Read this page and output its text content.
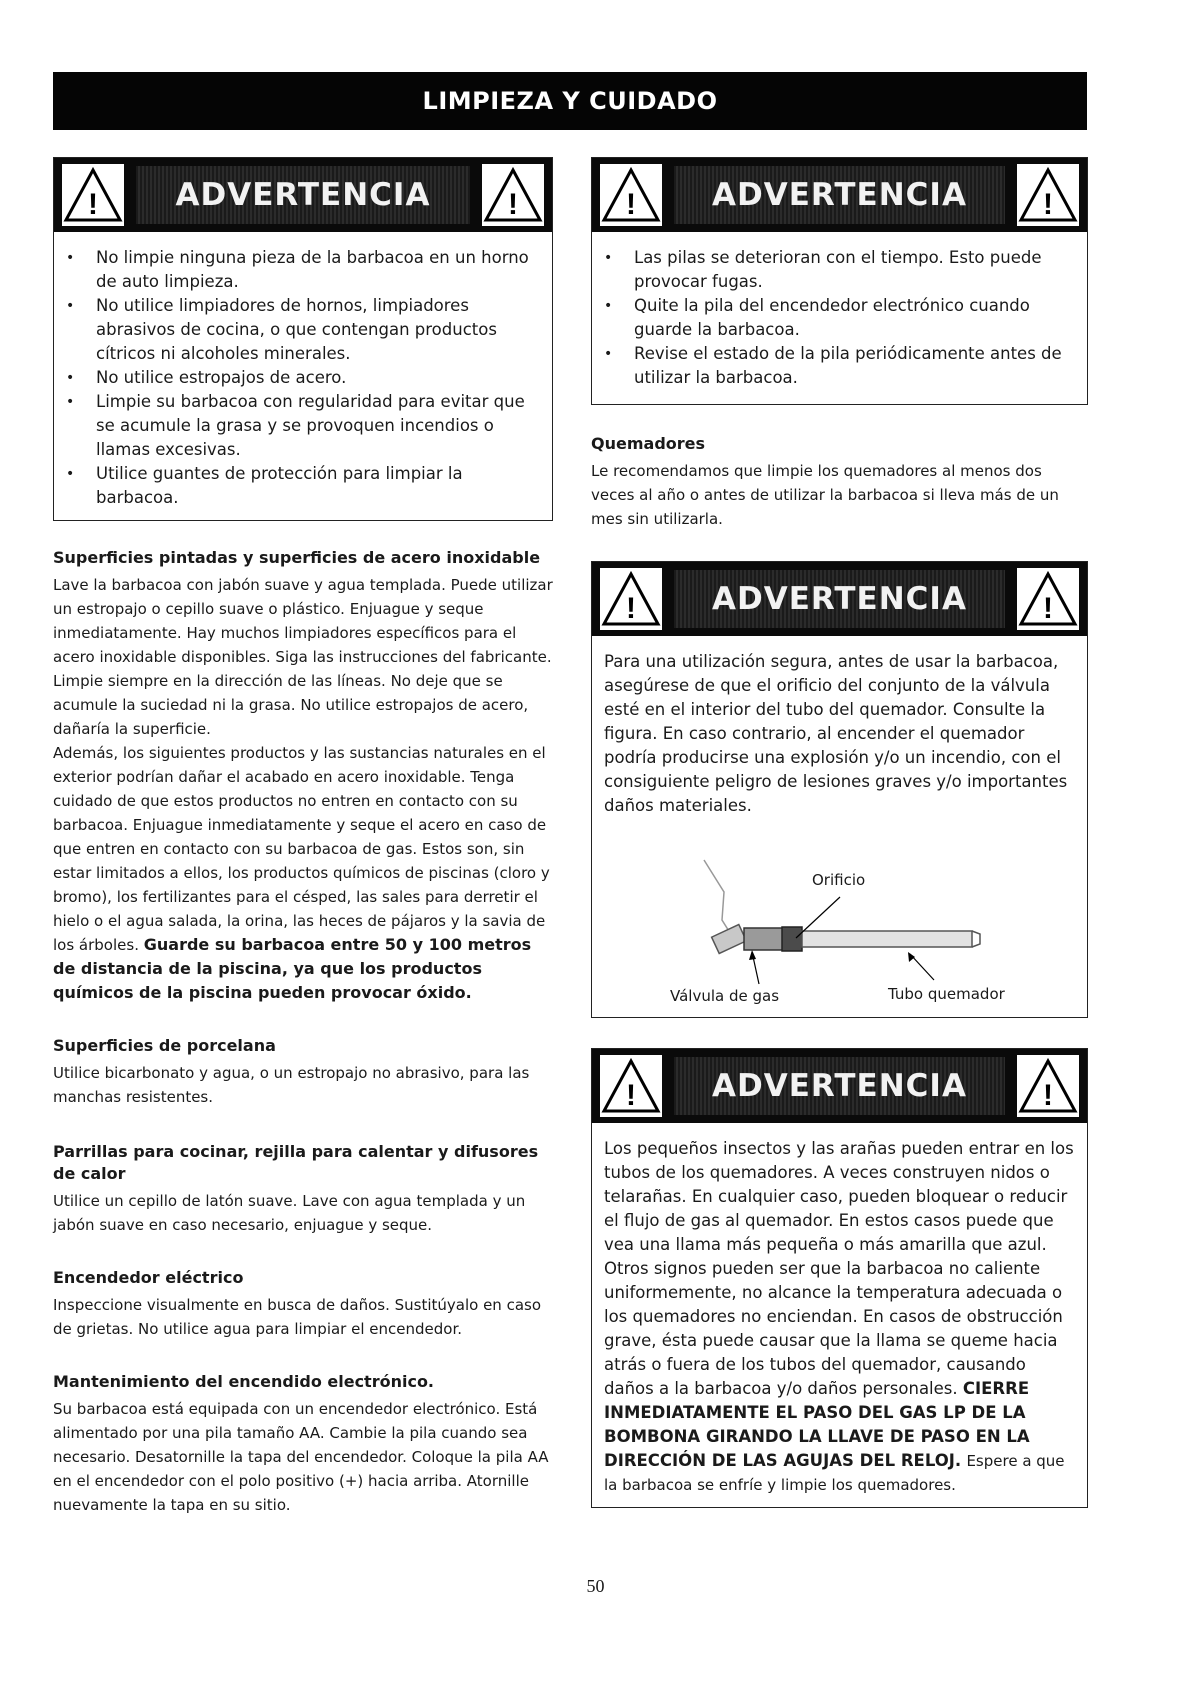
LIMPIEZA Y CUIDADO
!	ADVERTENCIA	!
• No limpie ninguna pieza de la barbacoa en un horno de auto limpieza.
• No utilice limpiadores de hornos, limpiadores abrasivos de cocina, o que contengan productos cítricos ni alcoholes minerales.
• No utilice estropajos de acero.
• Limpie su barbacoa con regularidad para evitar que se acumule la grasa y se provoquen incendios o llamas excesivas.
• Utilice guantes de protección para limpiar la barbacoa.

Superficies pintadas y superficies de acero inoxidable

Lave la barbacoa con jabón suave y agua templada. Puede utilizar un estropajo o cepillo suave o plástico. Enjuague y seque inmediatamente. Hay muchos limpiadores específicos para el acero inoxidable disponibles. Siga las instrucciones del fabricante. Limpie siempre en la dirección de las líneas. No deje que se acumule la suciedad ni la grasa. No utilice estropajos de acero, dañaría la superficie.

Además, los siguientes productos y las sustancias naturales en el exterior podrían dañar el acabado en acero inoxidable. Tenga cuidado de que estos productos no entren en contacto con su barbacoa. Enjuague inmediatamente y seque el acero en caso de que entren en contacto con su barbacoa de gas. Estos son, sin estar limitados a ellos, los productos químicos de piscinas (cloro y bromo), los fertilizantes para el césped, las sales para derretir el hielo o el agua salada, la orina, las heces de pájaros y la savia de los árboles. Guarde su barbacoa entre 50 y 100 metros de distancia de la piscina, ya que los productos químicos de la piscina pueden provocar óxido.

Superficies de porcelana

Utilice bicarbonato y agua, o un estropajo no abrasivo, para las manchas resistentes.

Parrillas para cocinar, rejilla para calentar y difusores de calor

Utilice un cepillo de latón suave. Lave con agua templada y un jabón suave en caso necesario, enjuague y seque.

Encendedor eléctrico

Inspeccione visualmente en busca de daños. Sustitúyalo en caso de grietas. No utilice agua para limpiar el encendedor.

Mantenimiento del encendido electrónico.

Su barbacoa está equipada con un encendedor electrónico. Está alimentado por una pila tamaño AA. Cambie la pila cuando sea necesario. Desatornille la tapa del encendedor. Coloque la pila AA en el encendedor con el polo positivo (+) hacia arriba. Atornille nuevamente la tapa en su sitio.

! ADVERTENCIA	!
• Las pilas se deterioran con el tiempo. Esto puede provocar fugas.
• Quite la pila del encendedor electrónico cuando guarde la barbacoa.
• Revise el estado de la pila periódicamente antes de utilizar la barbacoa.

Quemadores

Le recomendamos que limpie los quemadores al menos dos veces al año o antes de utilizar la barbacoa si lleva más de un mes sin utilizarla.

! ADVERTENCIA	!

Para una utilización segura, antes de usar la barbacoa, asegúrese de que el orificio del conjunto de la válvula esté en el interior del tubo del quemador. Consulte la figura. En caso contrario, al encender el quemador podría producirse una explosión y/o un incendio, con el consiguiente peligro de lesiones graves y/o importantes daños materiales.

Orificio
Válvula de gas	Tubo quemador
! ADVERTENCIA	!

Los pequeños insectos y las arañas pueden entrar en los tubos de los quemadores. A veces construyen nidos o telarañas. En cualquier caso, pueden bloquear o reducir el flujo de gas al quemador. En estos casos puede que vea una llama más pequeña o más amarilla que azul. Otros signos pueden ser que la barbacoa no caliente uniformemente, no alcance la temperatura adecuada o los quemadores no enciendan. En casos de obstrucción grave, ésta puede causar que la llama se queme hacia atrás o fuera de los tubos del quemador, causando daños a la barbacoa y/o daños personales. CIERRE INMEDIATAMENTE EL PASO DEL GAS LP DE LA BOMBONA GIRANDO LA LLAVE DE PASO EN LA DIRECCIÓN DE LAS AGUJAS DEL RELOJ. Espere a que la barbacoa se enfríe y limpie los quemadores.

50
